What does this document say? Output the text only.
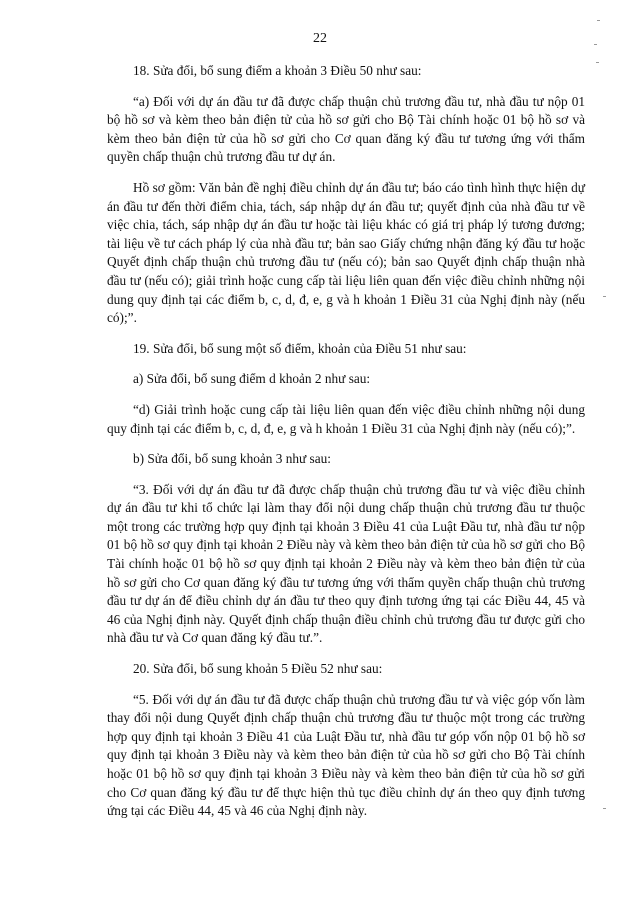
22

18. Sửa đổi, bổ sung điểm a khoản 3 Điều 50 như sau:

“a) Đối với dự án đầu tư đã được chấp thuận chủ trương đầu tư, nhà đầu tư nộp 01 bộ hồ sơ và kèm theo bản điện tử của hồ sơ gửi cho Bộ Tài chính hoặc 01 bộ hồ sơ và kèm theo bản điện tử của hồ sơ gửi cho Cơ quan đăng ký đầu tư tương ứng với thẩm quyền chấp thuận chủ trương đầu tư dự án.

Hồ sơ gồm: Văn bản đề nghị điều chỉnh dự án đầu tư; báo cáo tình hình thực hiện dự án đầu tư đến thời điểm chia, tách, sáp nhập dự án đầu tư; quyết định của nhà đầu tư về việc chia, tách, sáp nhập dự án đầu tư hoặc tài liệu khác có giá trị pháp lý tương đương; tài liệu về tư cách pháp lý của nhà đầu tư; bản sao Giấy chứng nhận đăng ký đầu tư hoặc Quyết định chấp thuận chủ trương đầu tư (nếu có); bản sao Quyết định chấp thuận nhà đầu tư (nếu có); giải trình hoặc cung cấp tài liệu liên quan đến việc điều chỉnh những nội dung quy định tại các điểm b, c, d, đ, e, g và h khoản 1 Điều 31 của Nghị định này (nếu có);”.

19. Sửa đổi, bổ sung một số điểm, khoản của Điều 51 như sau:

a) Sửa đổi, bổ sung điểm d khoản 2 như sau:

“d) Giải trình hoặc cung cấp tài liệu liên quan đến việc điều chỉnh những nội dung quy định tại các điểm b, c, d, đ, e, g và h khoản 1 Điều 31 của Nghị định này (nếu có);”.

b) Sửa đổi, bổ sung khoản 3 như sau:

“3. Đối với dự án đầu tư đã được chấp thuận chủ trương đầu tư và việc điều chỉnh dự án đầu tư khi tổ chức lại làm thay đổi nội dung chấp thuận chủ trương đầu tư thuộc một trong các trường hợp quy định tại khoản 3 Điều 41 của Luật Đầu tư, nhà đầu tư nộp 01 bộ hồ sơ quy định tại khoản 2 Điều này và kèm theo bản điện tử của hồ sơ gửi cho Bộ Tài chính hoặc 01 bộ hồ sơ quy định tại khoản 2 Điều này và kèm theo bản điện tử của hồ sơ gửi cho Cơ quan đăng ký đầu tư tương ứng với thẩm quyền chấp thuận chủ trương đầu tư dự án để điều chỉnh dự án đầu tư theo quy định tương ứng tại các Điều 44, 45 và 46 của Nghị định này. Quyết định chấp thuận điều chỉnh chủ trương đầu tư được gửi cho nhà đầu tư và Cơ quan đăng ký đầu tư.”.

20. Sửa đổi, bổ sung khoản 5 Điều 52 như sau:

“5. Đối với dự án đầu tư đã được chấp thuận chủ trương đầu tư và việc góp vốn làm thay đổi nội dung Quyết định chấp thuận chủ trương đầu tư thuộc một trong các trường hợp quy định tại khoản 3 Điều 41 của Luật Đầu tư, nhà đầu tư góp vốn nộp 01 bộ hồ sơ quy định tại khoản 3 Điều này và kèm theo bản điện tử của hồ sơ gửi cho Bộ Tài chính hoặc 01 bộ hồ sơ quy định tại khoản 3 Điều này và kèm theo bản điện tử của hồ sơ gửi cho Cơ quan đăng ký đầu tư để thực hiện thủ tục điều chỉnh dự án theo quy định tương ứng tại các Điều 44, 45 và 46 của Nghị định này.
